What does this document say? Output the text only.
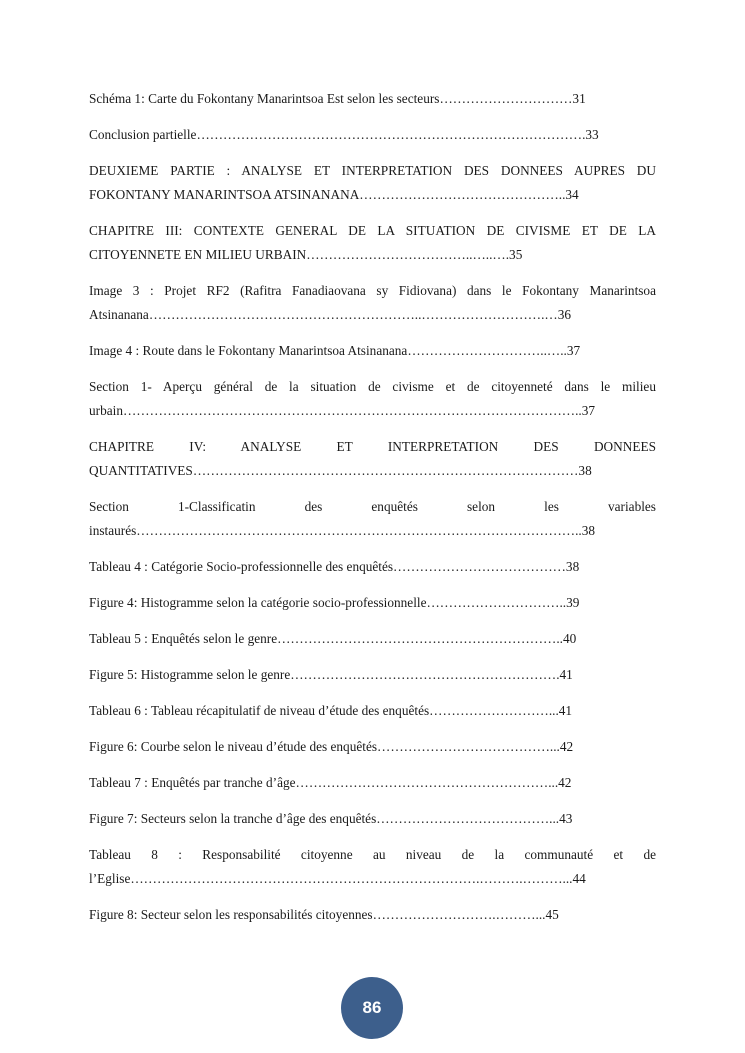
Schéma 1: Carte du Fokontany Manarintsoa Est selon les secteurs…………………………31

Conclusion partielle…………………………………………………………………………….33

DEUXIEME PARTIE : ANALYSE ET INTERPRETATION DES DONNEES AUPRES DU
FOKONTANY MANARINTSOA ATSINANANA………………………………………..34

CHAPITRE III: CONTEXTE GENERAL DE LA SITUATION DE CIVISME ET DE LA
CITOYENNETE EN MILIEU URBAIN………………………………..…..….35

Image 3 : Projet RF2 (Rafitra Fanadiaovana sy Fidiovana) dans le Fokontany Manarintsoa
Atsinanana……………………………………………………..……………………….…36

Image 4 : Route dans le Fokontany Manarintsoa Atsinanana…………………………..…..37

Section 1- Aperçu général de la situation de civisme et de citoyenneté dans le milieu
urbain…………………………………………………………………………………………..37

CHAPITRE IV: ANALYSE ET INTERPRETATION DES DONNEES
QUANTITATIVES……………………………………………………………………………38

Section 1-Classificatin des enquêtés selon les variables
instaurés………………………………………………………………………………………..38

Tableau 4 : Catégorie Socio-professionnelle des enquêtés…………………………………38

Figure 4: Histogramme selon la catégorie socio-professionnelle…………………………..39

Tableau 5 : Enquêtés selon le genre………………………………………………………..40

Figure 5: Histogramme selon le genre…………………………………………………….41

Tableau 6 : Tableau récapitulatif de niveau d’étude des enquêtés………………………...41

Figure 6: Courbe selon le niveau d’étude des enquêtés…………………………………...42

Tableau 7 : Enquêtés par tranche d’âge…………………………………………………...42

Figure 7: Secteurs selon la tranche d’âge des enquêtés…………………………………...43

Tableau 8 : Responsabilité citoyenne au niveau de la communauté et de
l’Eglise…………………………………………………………………….……….………...44

Figure 8: Secteur selon les responsabilités citoyennes……………………….………...45

86
